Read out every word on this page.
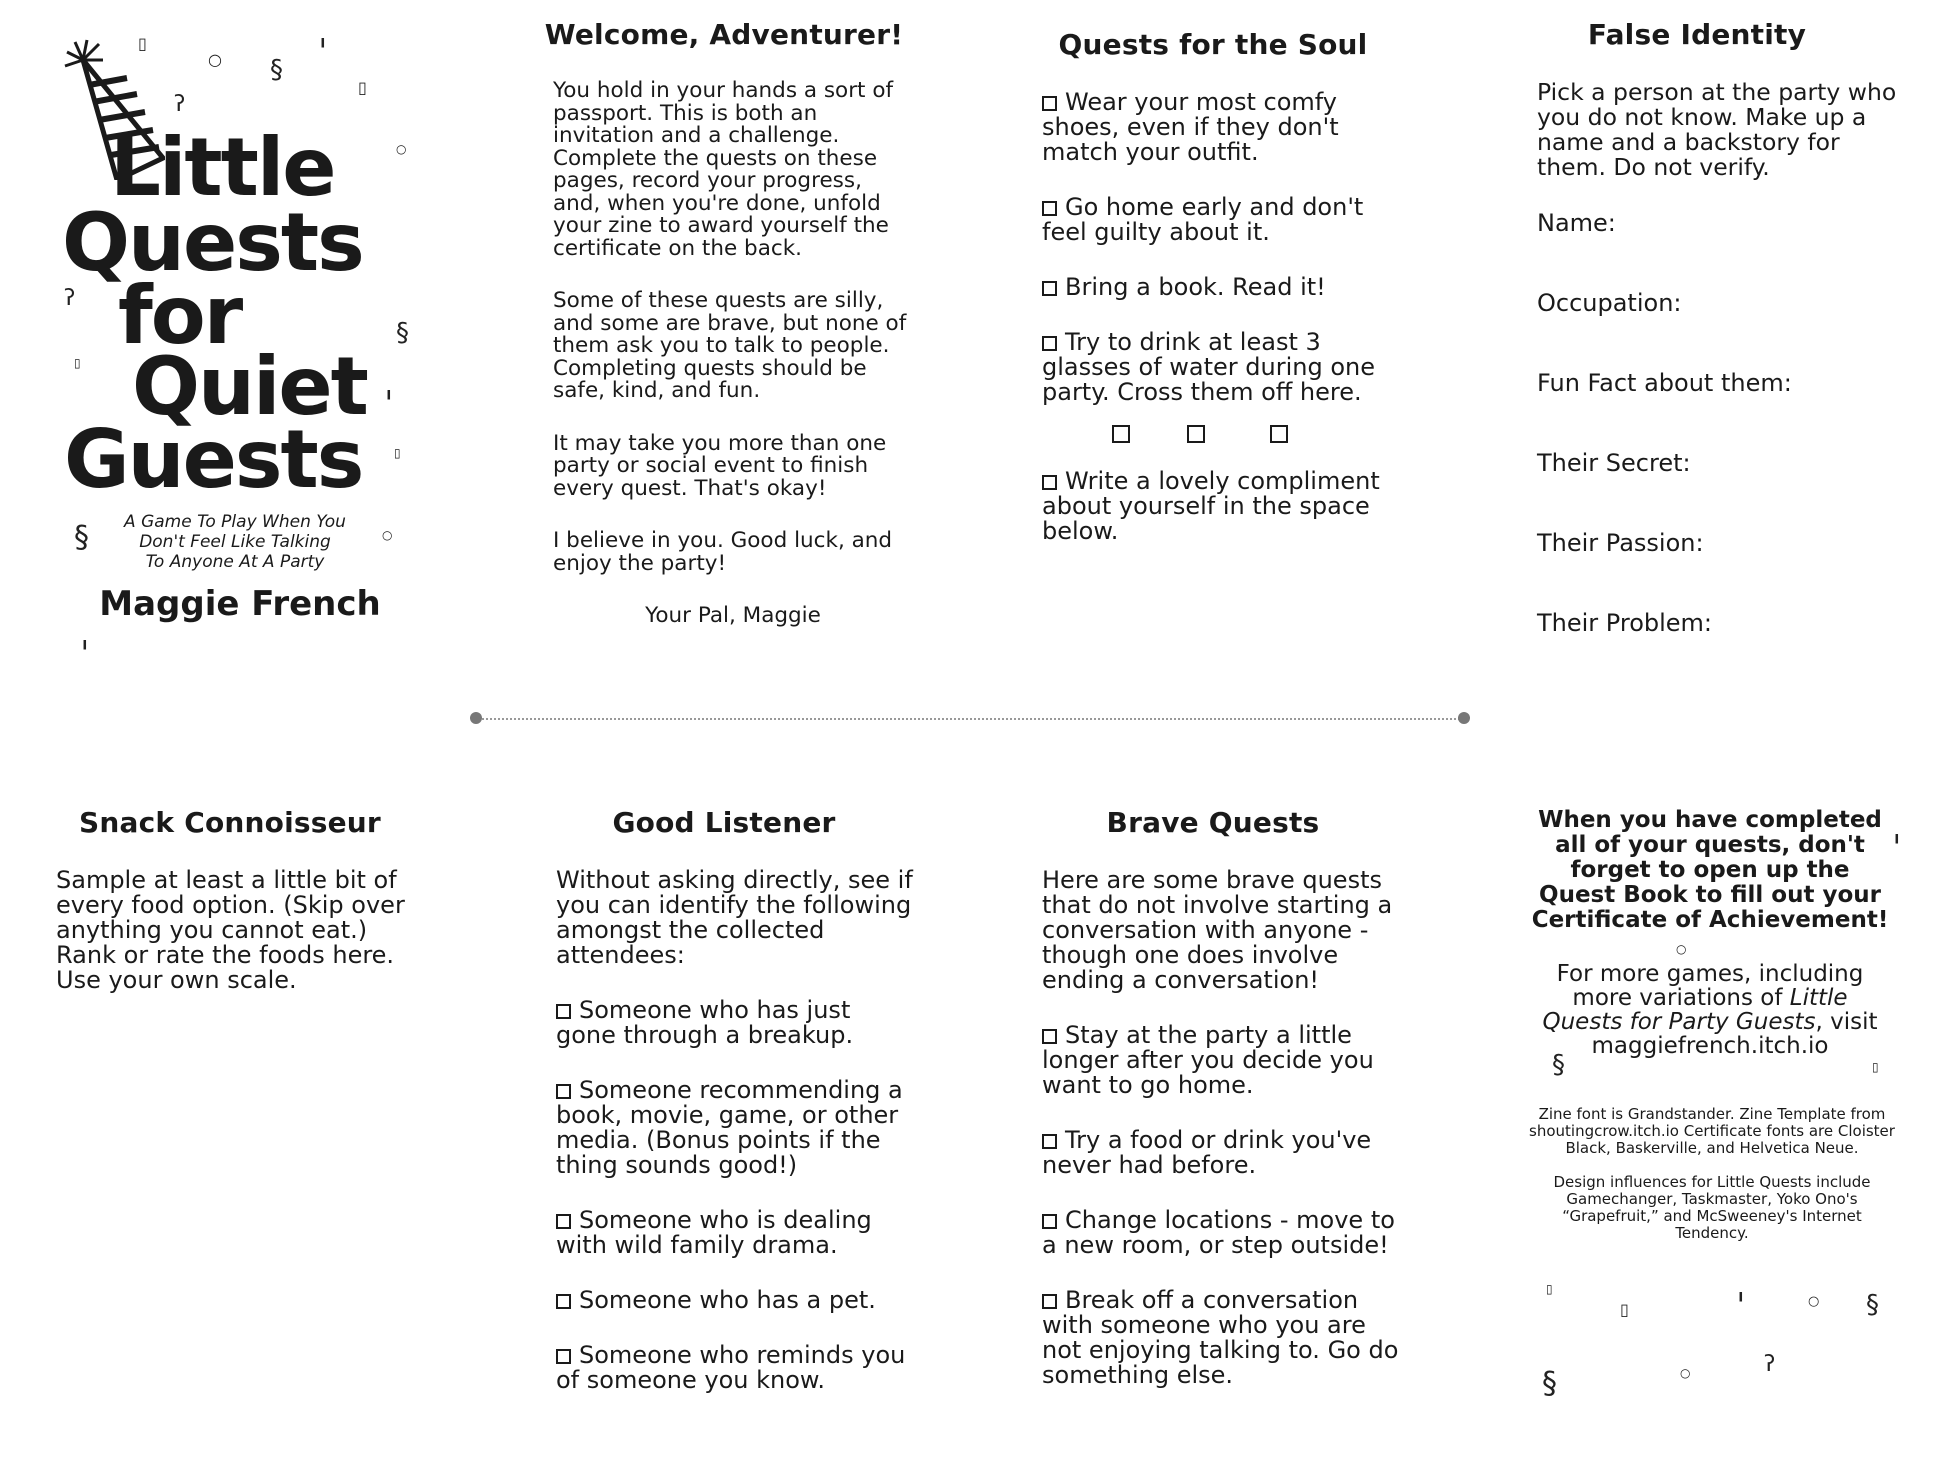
Little
Quests
for
Quiet
Guests
A Game To Play When You
Don't Feel Like Talking
To Anyone At A Party
Maggie French
▯
○ §
╹
▯
ʔ
○
ʔ
§
▯
╹
▯
§	○
╹
Welcome, Adventurer!

You hold in your hands a sort of passport. This is both an invitation and a challenge. Complete the quests on these pages, record your progress, and, when you're done, unfold your zine to award yourself the certificate on the back.

Some of these quests are silly, and some are brave, but none of them ask you to talk to people. Completing quests should be safe, kind, and fun.

It may take you more than one party or social event to finish every quest. That's okay!

I believe in you. Good luck, and enjoy the party!

Your Pal, Maggie

Quests for the Soul
Wear your most comfy shoes, even if they don't match your outfit.
Go home early and don't feel guilty about it.
Bring a book. Read it!
Try to drink at least 3 glasses of water during one party. Cross them off here.

Write a lovely compliment about yourself in the space below.
False Identity
Pick a person at the party who you do not know. Make up a name and a backstory for them. Do not verify.

Name:

Occupation:

Fun Fact about them:

Their Secret:

Their Passion:

Their Problem:

Snack Connoisseur
Sample at least a little bit of every food option. (Skip over anything you cannot eat.) Rank or rate the foods here. Use your own scale.
Good Listener
Without asking directly, see if you can identify the following amongst the collected attendees:
Someone who has just gone through a breakup.
Someone recommending a book, movie, game, or other media. (Bonus points if the thing sounds good!)
Someone who is dealing with wild family drama.
Someone who has a pet.
Someone who reminds you of someone you know.
Brave Quests
Here are some brave quests that do not involve starting a conversation with anyone - though one does involve ending a conversation!
Stay at the party a little longer after you decide you want to go home.
Try a food or drink you've never had before.
Change locations - move to a new room, or step outside!
Break off a conversation with someone who you are not enjoying talking to. Go do something else.
When you have completed all of your quests, don't forget to open up the Quest Book to fill out your Certificate of Achievement!
For more games, including more variations of Little Quests for Party Guests, visit maggiefrench.itch.io

Zine font is Grandstander. Zine Template from shoutingcrow.itch.io Certificate fonts are Cloister Black, Baskerville, and Helvetica Neue.

Design influences for Little Quests include Gamechanger, Taskmaster, Yoko Ono's “Grapefruit,” and McSweeney's Internet Tendency.

╹
○
§	▯
▯
▯	╹	○ §
○	ʔ
§
